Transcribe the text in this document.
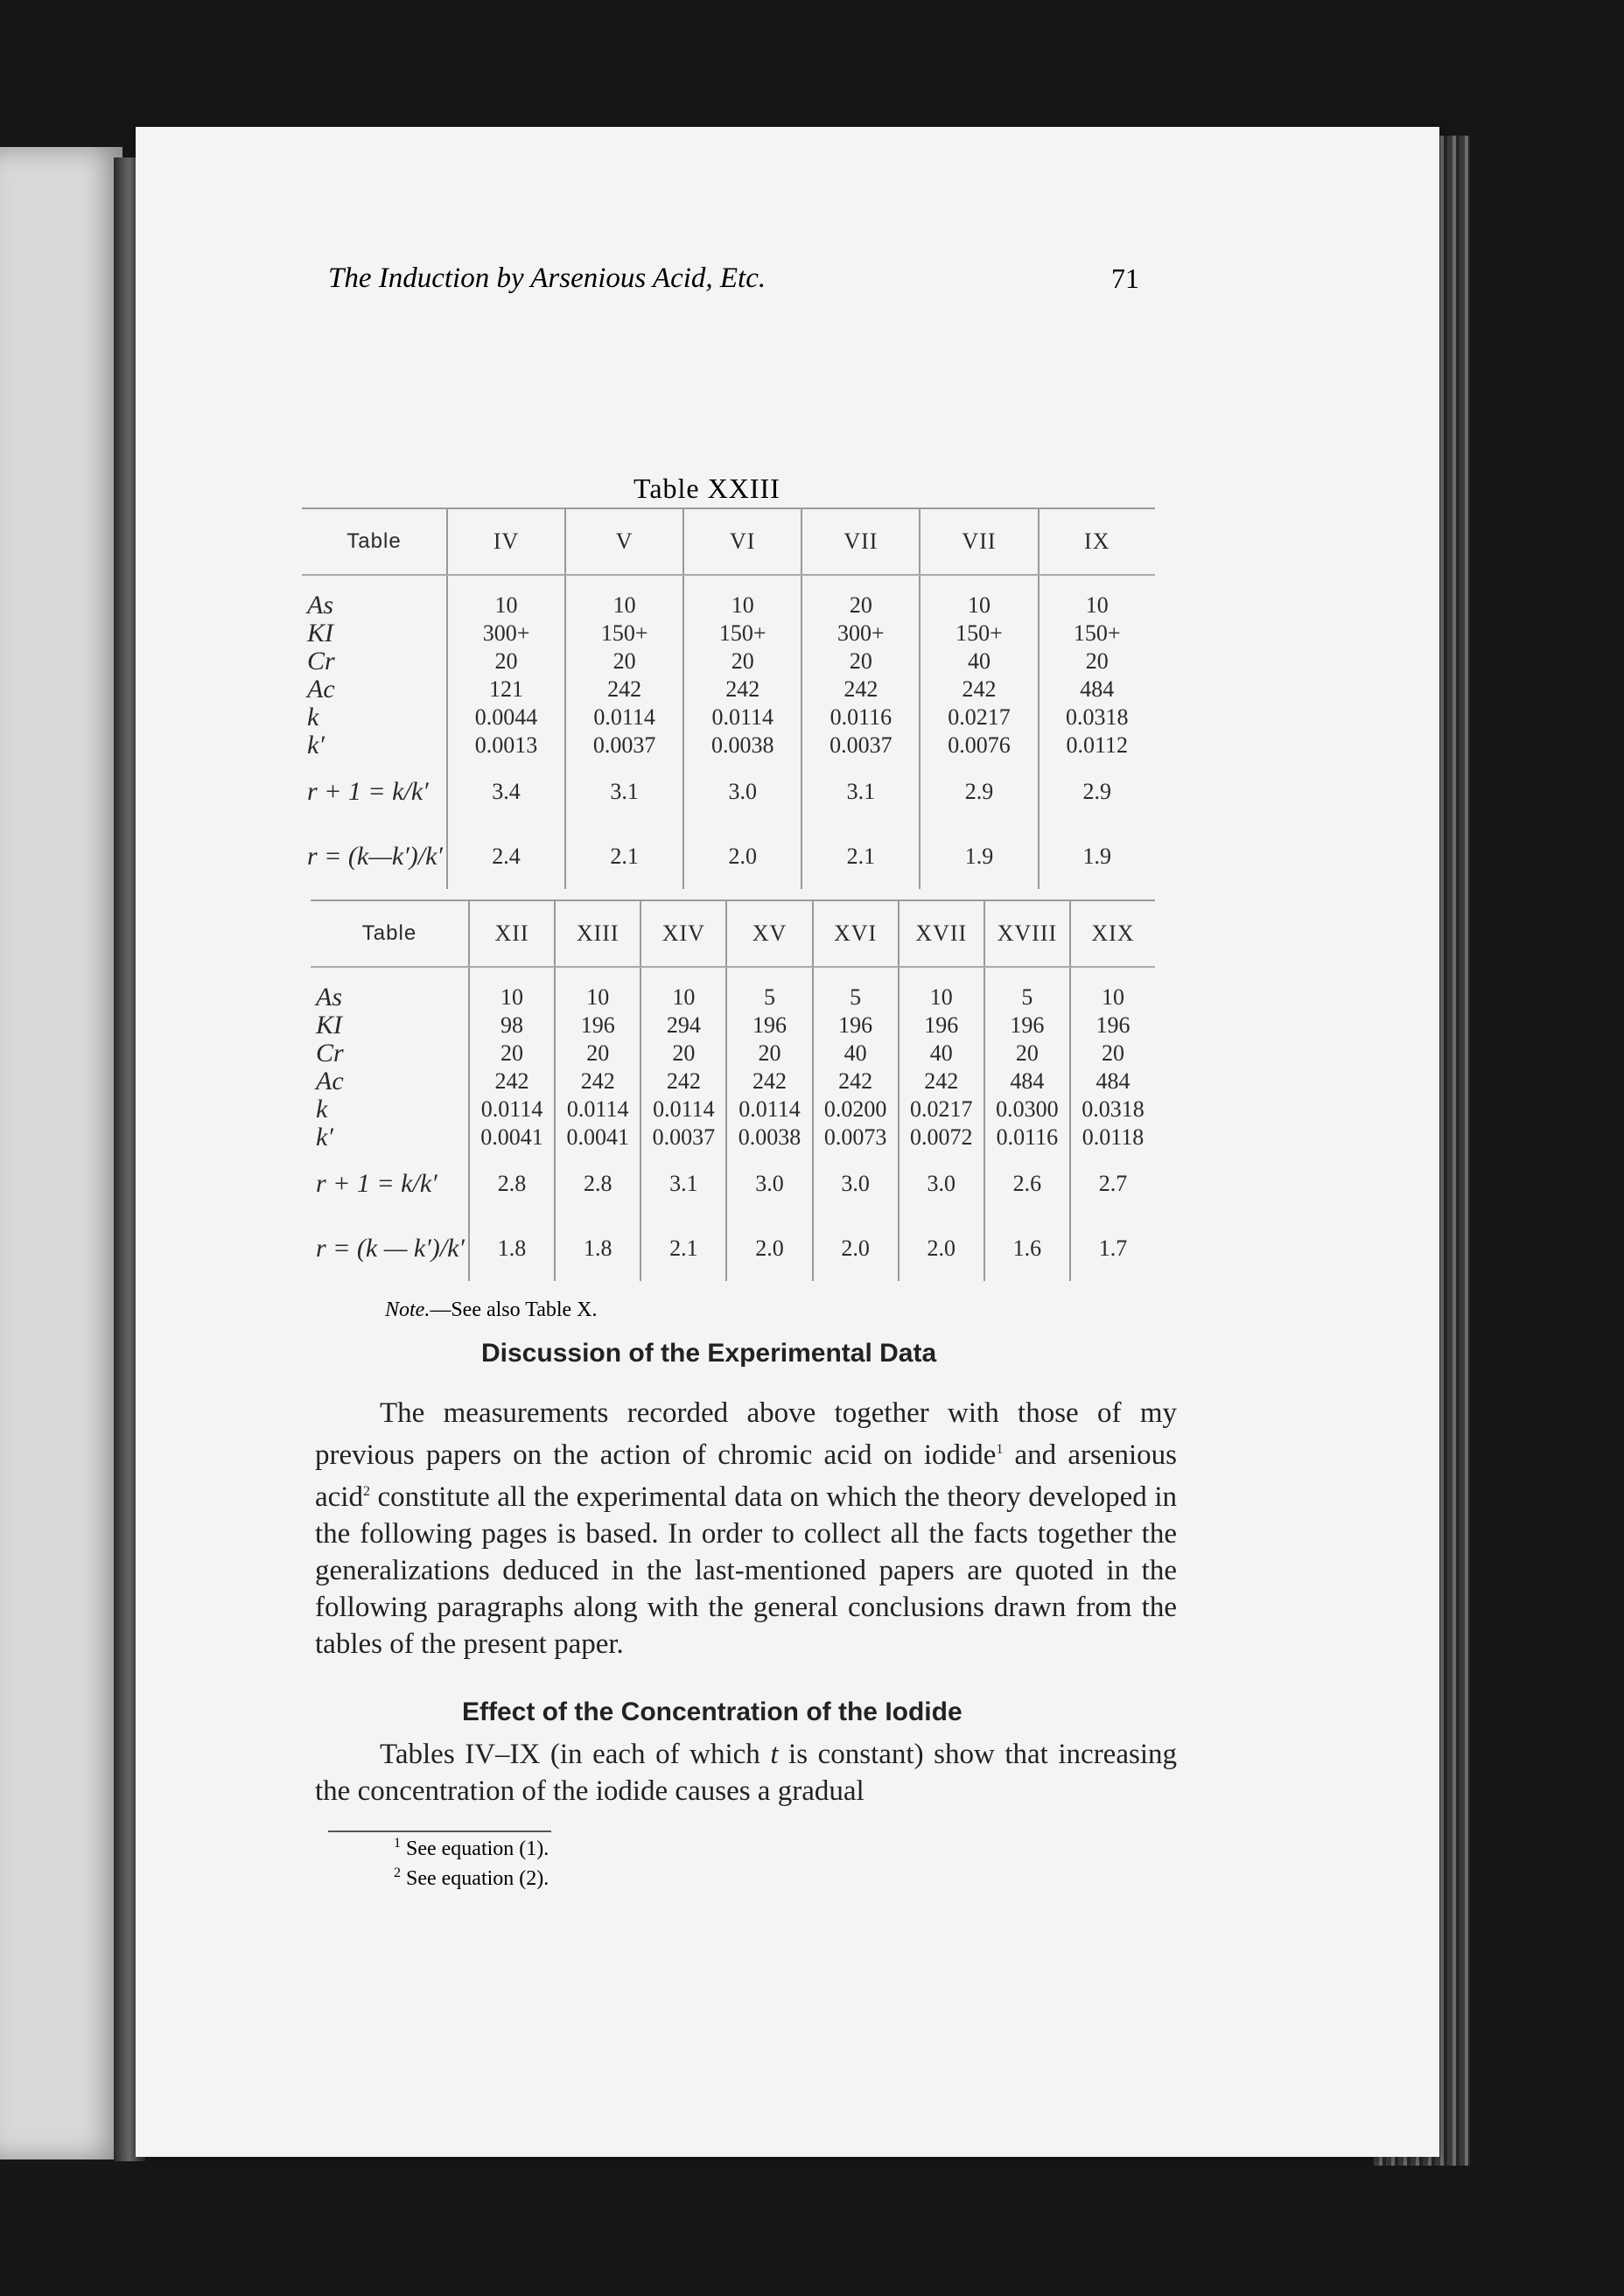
The Induction by Arsenious Acid, Etc.	71
Table XXIII
Table	IV	V	VI	VII	VII	IX

As	10	10	10	20	10	10
KI	300+	150+	150+	300+	150+	150+
Cr	20	20	20	20	40	20
Ac	121	242	242	242	242	484
k	0.0044	0.0114	0.0114	0.0116	0.0217	0.0318
k′	0.0013	0.0037	0.0038	0.0037	0.0076	0.0112
r + 1 = k/k′	3.4	3.1	3.0	3.1	2.9	2.9
r = (k—k′)/k′	2.4	2.1	2.0	2.1	1.9	1.9
Table	XII	XIII	XIV	XV	XVI	XVII	XVIII	XIX

As	10	10	10	5	5	10	5	10
KI	98	196	294	196	196	196	196	196
Cr	20	20	20	20	40	40	20	20
Ac	242	242	242	242	242	242	484	484
k	0.0114	0.0114	0.0114	0.0114	0.0200	0.0217	0.0300	0.0318
k′	0.0041	0.0041	0.0037	0.0038	0.0073	0.0072	0.0116	0.0118
r + 1 = k/k′	2.8	2.8	3.1	3.0	3.0	3.0	2.6	2.7
r = (k — k′)/k′	1.8	1.8	2.1	2.0	2.0	2.0	1.6	1.7
Note.—See also Table X.
Discussion of the Experimental Data
The measurements recorded above together with those of my previous papers on the action of chromic acid on iodide$^1$ and arsenious acid$^2$ constitute all the experimental data on which the theory developed in the following pages is based. In order to collect all the facts together the generalizations deduced in the last-mentioned papers are quoted in the following paragraphs along with the general conclusions drawn from the tables of the present paper.
Effect of the Concentration of the Iodide
Tables IV–IX (in each of which t is constant) show that increasing the concentration of the iodide causes a gradual
$^1$ See equation (1).
$^2$ See equation (2).
